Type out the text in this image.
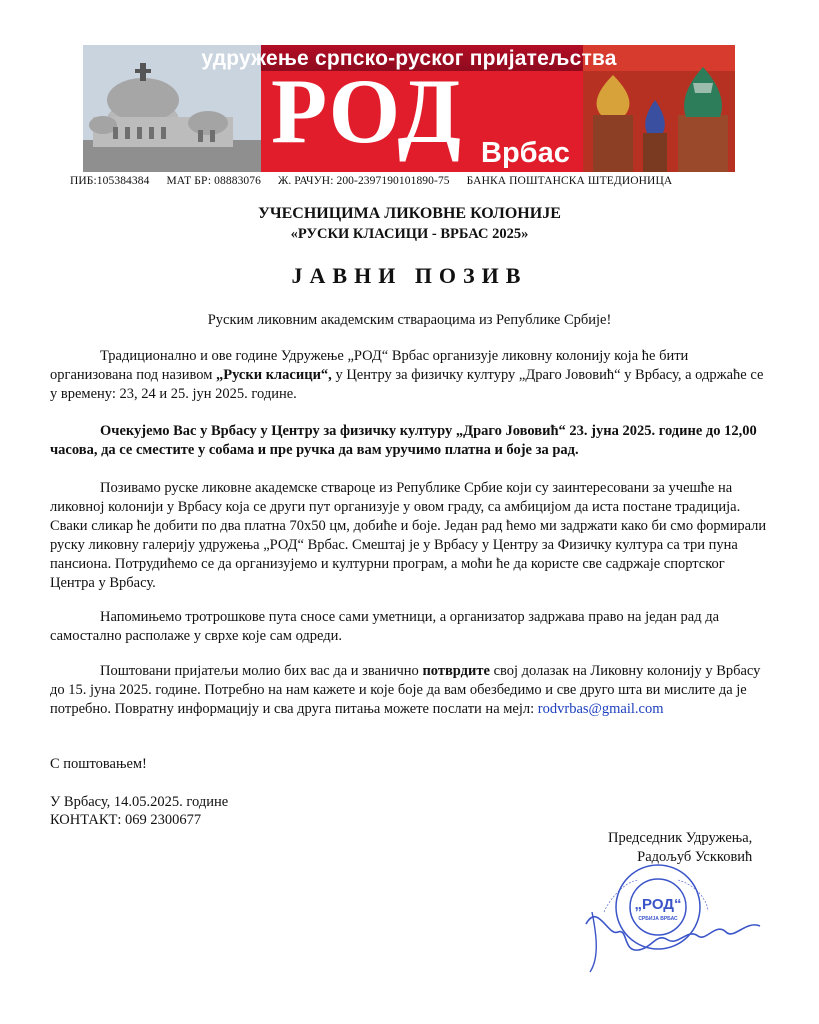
удружење српско-руског пријатељства
РОД Врбас
ПИБ:105384384 МАТ БР: 08883076 Ж. РАЧУН: 200-2397190101890-75 БАНКА ПОШТАНСКА ШТЕДИОНИЦА
УЧЕСНИЦИМА ЛИКОВНЕ КОЛОНИЈЕ
«РУСКИ КЛАСИЦИ - ВРБАС 2025»
ЈАВНИ ПОЗИВ
Руским ликовним академским ствараоцима из Републике Србије!

Традиционално и ове године Удружење „РОД“ Врбас организује ликовну колонију која ће бити организована под називом „Руски класици“, у Центру за физичку културу „Драго Јововић“ у Врбасу, а одржаће се у времену: 23, 24 и 25. јун 2025. године.

Очекујемо Вас у Врбасу у Центру за физичку културу „Драго Јововић“ 23. јуна 2025. године до 12,00 часова, да се сместите у собама и пре ручка да вам уручимо платна и боје за рад.

Позивамо руске ликовне академске ствароце из Републике Србие који су заинтересовани за учешће на ликовној колонији у Врбасу која се други пут организује у овом граду, са амбицијом да иста постане традиција. Сваки сликар ће добити по два платна 70х50 цм, добиће и боје. Један рад ћемо ми задржати како би смо формирали руску ликовну галерију удружења „РОД“ Врбас. Смештај је у Врбасу у Центру за Физичку култура са три пуна пансиона. Потрудићемо се да организујемо и културни програм, а моћи ће да користе све садржаје спортског Центра у Врбасу.

Напомињемо тротрошкове пута сносе сами уметници, а организатор задржава право на један рад да самостално располаже у сврхе које сам одреди.

Поштовани пријатељи молио бих вас да и званично потврдите свој долазак на Ликовну колонију у Врбасу до 15. јуна 2025. године. Потребно на нам кажете и које боје да вам обезбедимо и све друго шта ви мислите да је потребно. Повратну информацију и сва друга питања можете послати на мејл: rodvrbas@gmail.com

С поштовањем!
У Врбасу, 14.05.2025. године
КОНТАКТ: 069 2300677
Председник Удружења,
Радољуб Ускковић
„РОД“
СРБИЈА ВРБАС
